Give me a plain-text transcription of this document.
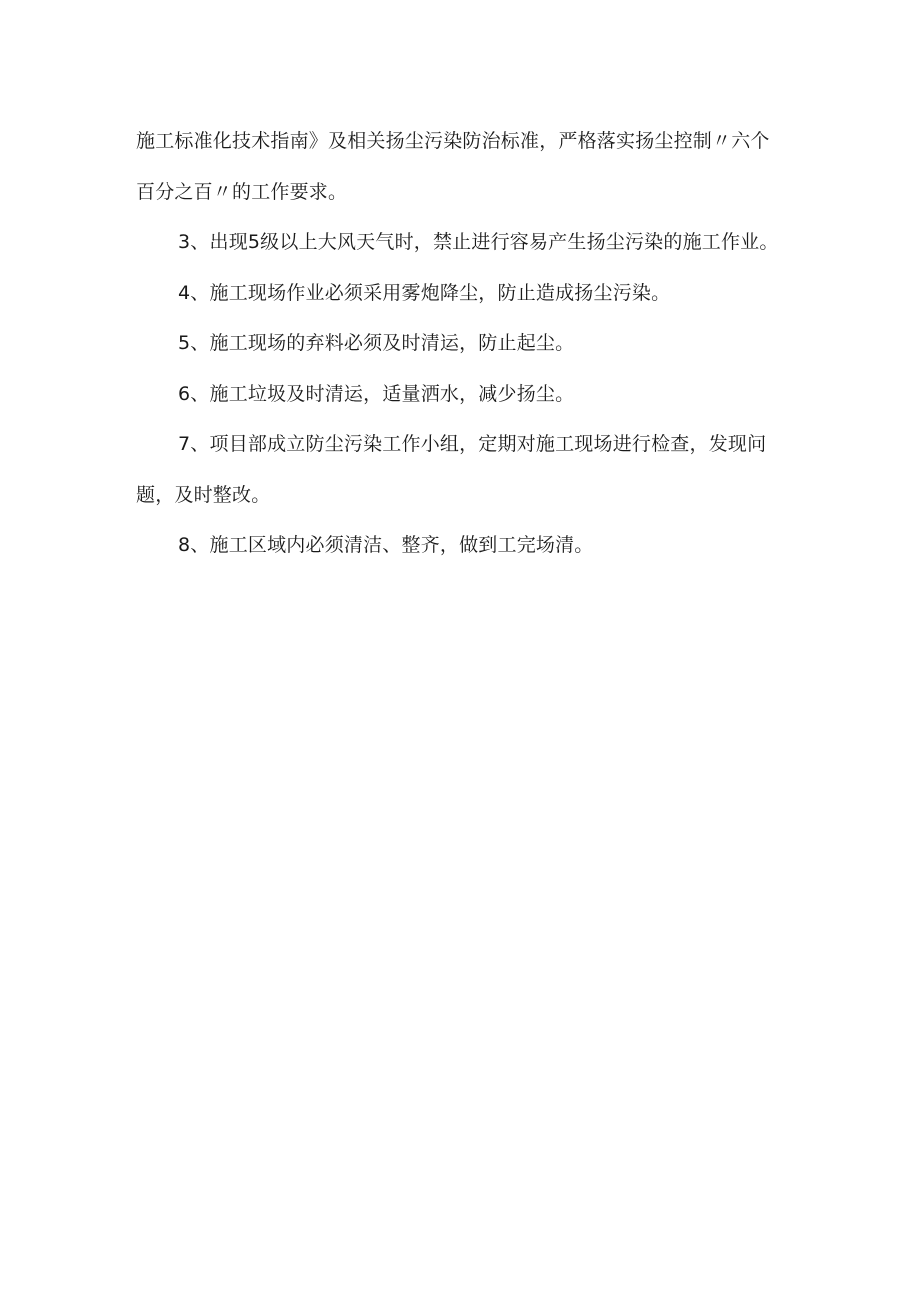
施工标准化技术指南》及相关扬尘污染防治标准，严格落实扬尘控制〃六个百分之百〃的工作要求。

3、出现5级以上大风天气时，禁止进行容易产生扬尘污染的施工作业。

4、施工现场作业必须采用雾炮降尘，防止造成扬尘污染。

5、施工现场的弃料必须及时清运，防止起尘。

6、施工垃圾及时清运，适量洒水，减少扬尘。

7、项目部成立防尘污染工作小组，定期对施工现场进行检查，发现问题，及时整改。

8、施工区域内必须清洁、整齐，做到工完场清。
